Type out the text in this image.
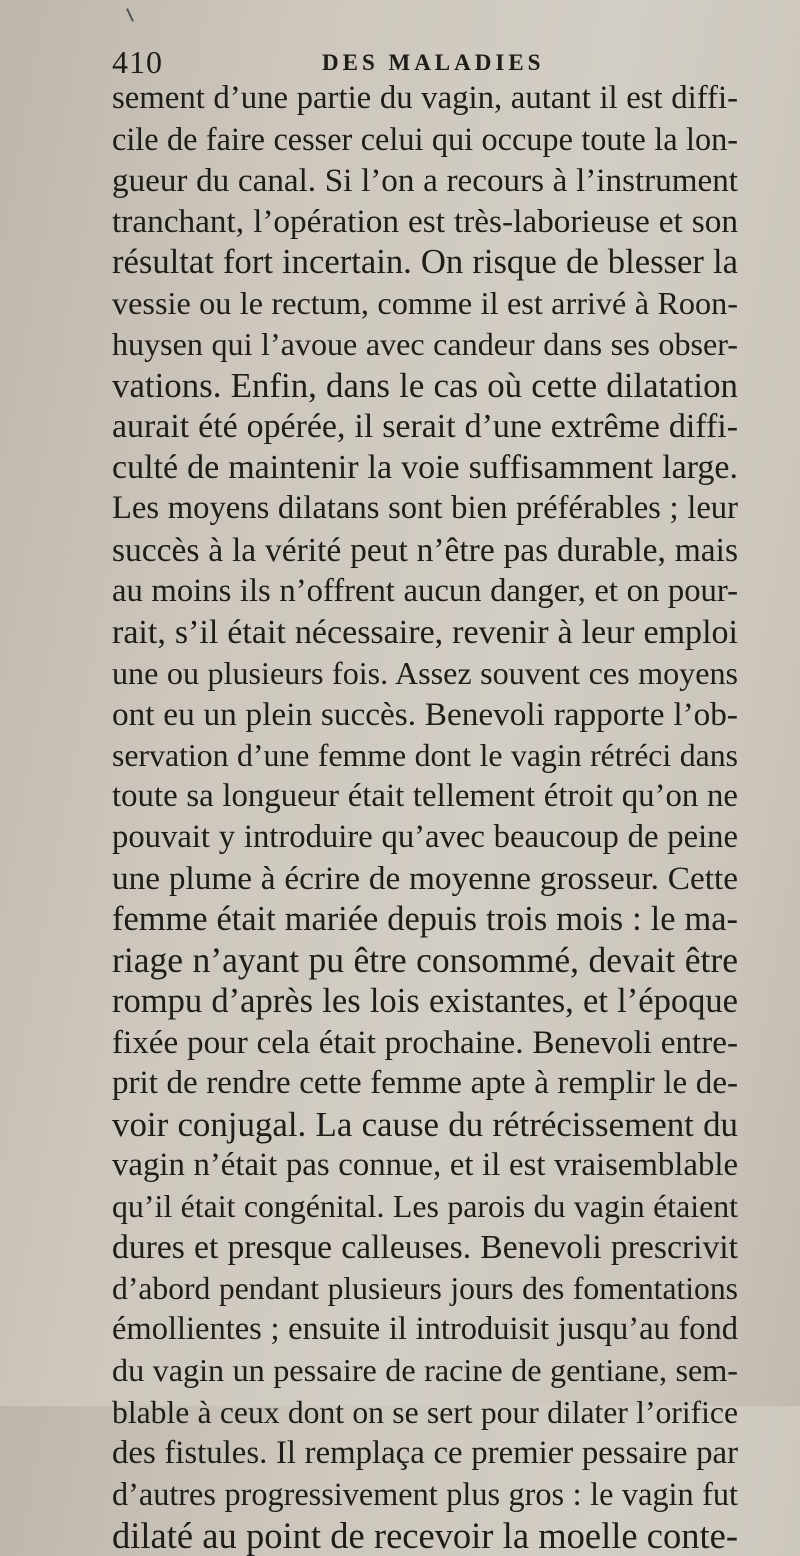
410	DES MALADIES
sement d’une partie du vagin, autant il est diffi-
cile de faire cesser celui qui occupe toute la lon-
gueur du canal. Si l’on a recours à l’instrument
tranchant, l’opération est très-laborieuse et son
résultat fort incertain. On risque de blesser la
vessie ou le rectum, comme il est arrivé à Roon-
huysen qui l’avoue avec candeur dans ses obser-
vations. Enfin, dans le cas où cette dilatation
aurait été opérée, il serait d’une extrême diffi-
culté de maintenir la voie suffisamment large.
Les moyens dilatans sont bien préférables ; leur
succès à la vérité peut n’être pas durable, mais
au moins ils n’offrent aucun danger, et on pour-
rait, s’il était nécessaire, revenir à leur emploi
une ou plusieurs fois. Assez souvent ces moyens
ont eu un plein succès. Benevoli rapporte l’ob-
servation d’une femme dont le vagin rétréci dans
toute sa longueur était tellement étroit qu’on ne
pouvait y introduire qu’avec beaucoup de peine
une plume à écrire de moyenne grosseur. Cette
femme était mariée depuis trois mois : le ma-
riage n’ayant pu être consommé, devait être
rompu d’après les lois existantes, et l’époque
fixée pour cela était prochaine. Benevoli entre-
prit de rendre cette femme apte à remplir le de-
voir conjugal. La cause du rétrécissement du
vagin n’était pas connue, et il est vraisemblable
qu’il était congénital. Les parois du vagin étaient
dures et presque calleuses. Benevoli prescrivit
d’abord pendant plusieurs jours des fomentations
émollientes ; ensuite il introduisit jusqu’au fond
du vagin un pessaire de racine de gentiane, sem-
blable à ceux dont on se sert pour dilater l’orifice
des fistules. Il remplaça ce premier pessaire par
d’autres progressivement plus gros : le vagin fut
dilaté au point de recevoir la moelle conte-
